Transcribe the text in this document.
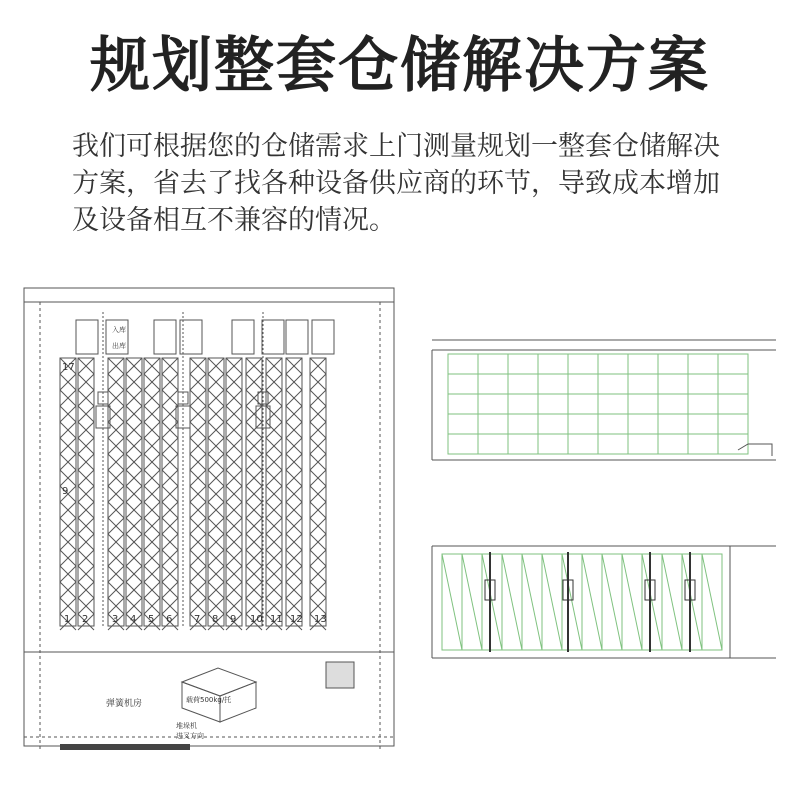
规划整套仓储解决方案
我们可根据您的仓储需求上门测量规划一整套仓储解决
方案，省去了找各种设备供应商的环节，导致成本增加
及设备相互不兼容的情况。
1 2 3 4 5 6 7 8 9 10 11 12 13
17
9
入库
出库
弹簧机房	载荷500kg/托
堆垛机
进叉方向
